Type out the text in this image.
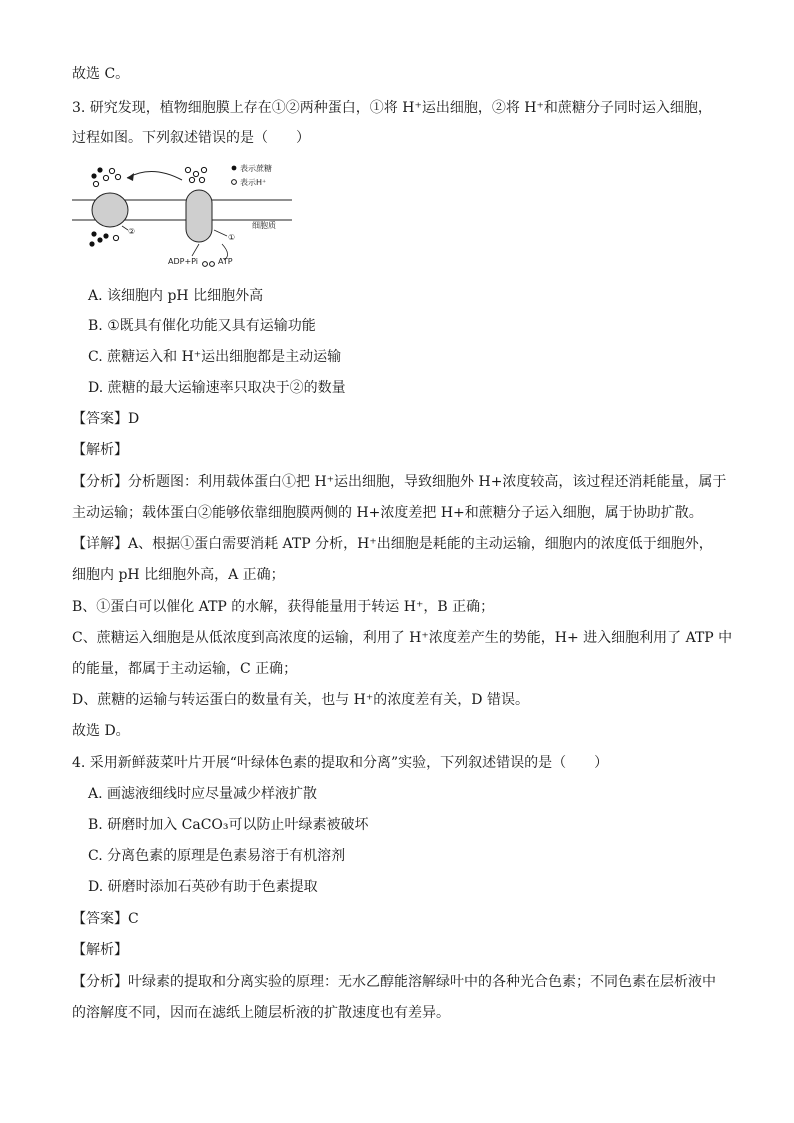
故选 C。
3. 研究发现，植物细胞膜上存在①②两种蛋白，①将 H⁺运出细胞，②将 H⁺和蔗糖分子同时运入细胞，
过程如图。下列叙述错误的是（　　）
②
ADP+Pi ATP
①
表示蔗糖
表示H⁺
细胞质
A. 该细胞内 pH 比细胞外高
B. ①既具有催化功能又具有运输功能
C. 蔗糖运入和 H⁺运出细胞都是主动运输
D. 蔗糖的最大运输速率只取决于②的数量
【答案】D
【解析】
【分析】分析题图：利用载体蛋白①把 H⁺运出细胞，导致细胞外 H+浓度较高，该过程还消耗能量，属于
主动运输；载体蛋白②能够依靠细胞膜两侧的 H+浓度差把 H+和蔗糖分子运入细胞，属于协助扩散。
【详解】A、根据①蛋白需要消耗 ATP 分析，H⁺出细胞是耗能的主动运输，细胞内的浓度低于细胞外，
细胞内 pH 比细胞外高，A 正确；
B、①蛋白可以催化 ATP 的水解，获得能量用于转运 H⁺，B 正确；
C、蔗糖运入细胞是从低浓度到高浓度的运输，利用了 H⁺浓度差产生的势能，H+ 进入细胞利用了 ATP 中
的能量，都属于主动运输，C 正确；
D、蔗糖的运输与转运蛋白的数量有关，也与 H⁺的浓度差有关，D 错误。
故选 D。
4. 采用新鲜菠菜叶片开展“叶绿体色素的提取和分离”实验，下列叙述错误的是（　　）
A. 画滤液细线时应尽量减少样液扩散
B. 研磨时加入 CaCO₃可以防止叶绿素被破坏
C. 分离色素的原理是色素易溶于有机溶剂
D. 研磨时添加石英砂有助于色素提取
【答案】C
【解析】
【分析】叶绿素的提取和分离实验的原理：无水乙醇能溶解绿叶中的各种光合色素；不同色素在层析液中
的溶解度不同，因而在滤纸上随层析液的扩散速度也有差异。
